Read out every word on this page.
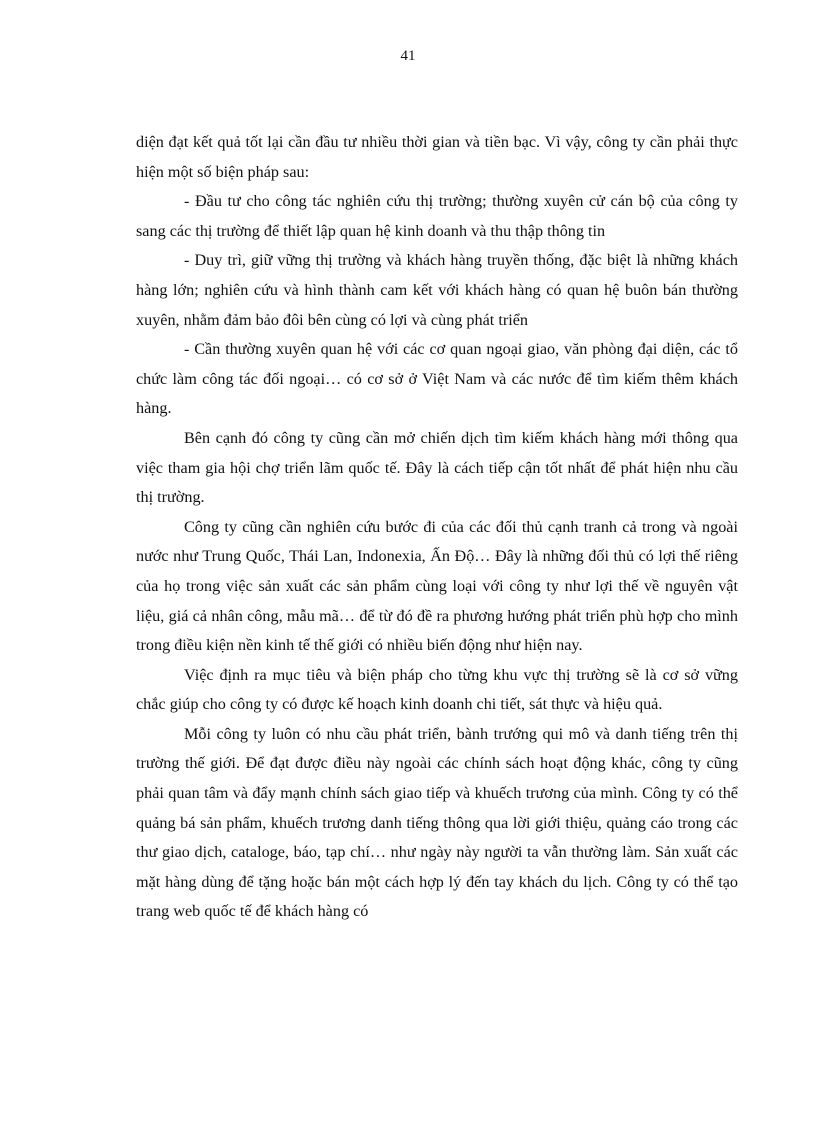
41

diện đạt kết quả tốt lại cần đầu tư nhiều thời gian và tiền bạc. Vì vậy, công ty cần phải thực hiện một số biện pháp sau:

- Đầu tư cho công tác nghiên cứu thị trường; thường xuyên cử cán bộ của công ty sang các thị trường để thiết lập quan hệ kinh doanh và thu thập thông tin

- Duy trì, giữ vững thị trường và khách hàng truyền thống, đặc biệt là những khách hàng lớn; nghiên cứu và hình thành cam kết với khách hàng có quan hệ buôn bán thường xuyên, nhằm đảm bảo đôi bên cùng có lợi và cùng phát triển

- Cần thường xuyên quan hệ với các cơ quan ngoại giao, văn phòng đại diện, các tổ chức làm công tác đối ngoại… có cơ sở ở Việt Nam và các nước để tìm kiếm thêm khách hàng.

Bên cạnh đó công ty cũng cần mở chiến dịch tìm kiếm khách hàng mới thông qua việc tham gia hội chợ triển lãm quốc tế. Đây là cách tiếp cận tốt nhất để phát hiện nhu cầu thị trường.

Công ty cũng cần nghiên cứu bước đi của các đối thủ cạnh tranh cả trong và ngoài nước như Trung Quốc, Thái Lan, Indonexia, Ấn Độ… Đây là những đối thủ có lợi thế riêng của họ trong việc sản xuất các sản phẩm cùng loại với công ty như lợi thế về nguyên vật liệu, giá cả nhân công, mẫu mã… để từ đó đề ra phương hướng phát triển phù hợp cho mình trong điều kiện nền kinh tế thế giới có nhiều biến động như hiện nay.

Việc định ra mục tiêu và biện pháp cho từng khu vực thị trường sẽ là cơ sở vững chắc giúp cho công ty có được kế hoạch kinh doanh chi tiết, sát thực và hiệu quả.

Mỗi công ty luôn có nhu cầu phát triển, bành trướng qui mô và danh tiếng trên thị trường thế giới. Để đạt được điều này ngoài các chính sách hoạt động khác, công ty cũng phải quan tâm và đẩy mạnh chính sách giao tiếp và khuếch trương của mình. Công ty có thể quảng bá sản phẩm, khuếch trương danh tiếng thông qua lời giới thiệu, quảng cáo trong các thư giao dịch, cataloge, báo, tạp chí… như ngày này người ta vẫn thường làm. Sản xuất các mặt hàng dùng để tặng hoặc bán một cách hợp lý đến tay khách du lịch. Công ty có thể tạo trang web quốc tế để khách hàng có
